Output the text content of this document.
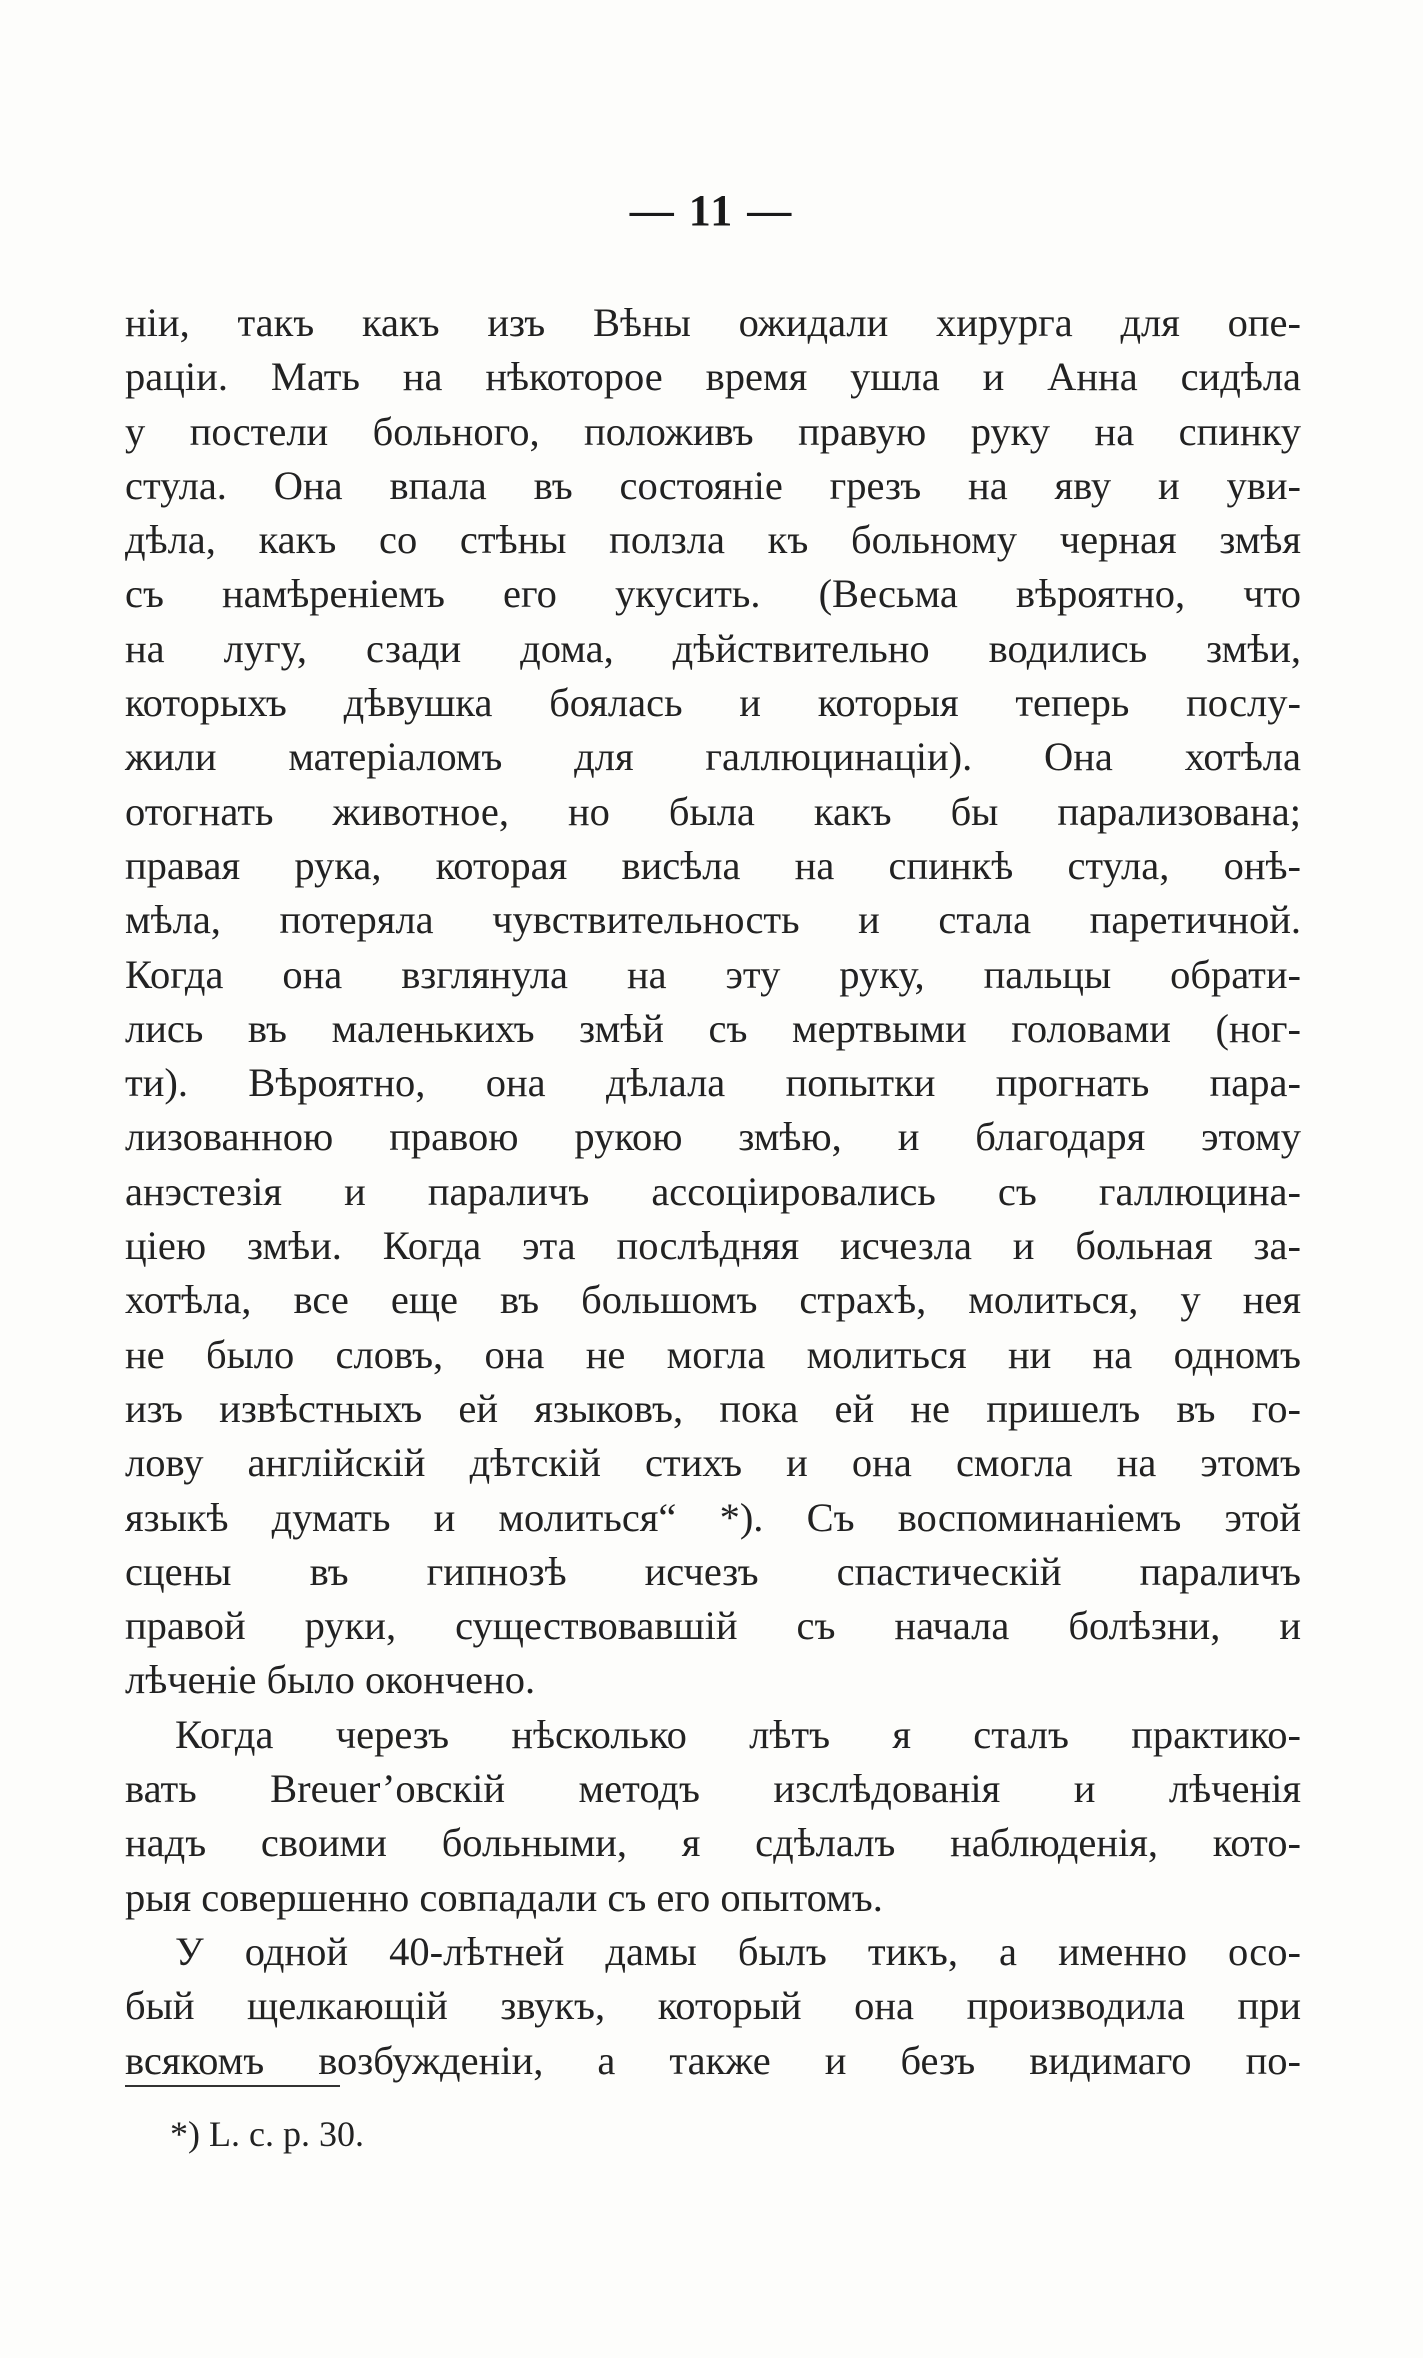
— 11 —
ніи, такъ какъ изъ Вѣны ожидали хирурга для опе-
раціи. Мать на нѣкоторое время ушла и Анна сидѣла
у постели больного, положивъ правую руку на спинку
стула. Она впала въ состояніе грезъ на яву и уви-
дѣла, какъ со стѣны ползла къ больному черная змѣя
съ намѣреніемъ его укусить. (Весьма вѣроятно, что
на лугу, сзади дома, дѣйствительно водились змѣи,
которыхъ дѣвушка боялась и которыя теперь послу-
жили матеріаломъ для галлюцинаціи). Она хотѣла
отогнать животное, но была какъ бы парализована;
правая рука, которая висѣла на спинкѣ стула, онѣ-
мѣла, потеряла чувствительность и стала паретичной.
Когда она взглянула на эту руку, пальцы обрати-
лись въ маленькихъ змѣй съ мертвыми головами (ног-
ти). Вѣроятно, она дѣлала попытки прогнать пара-
лизованною правою рукою змѣю, и благодаря этому
анэстезія и параличъ ассоціировались съ галлюцина-
ціею змѣи. Когда эта послѣдняя исчезла и больная за-
хотѣла, все еще въ большомъ страхѣ, молиться, у нея
не было словъ, она не могла молиться ни на одномъ
изъ извѣстныхъ ей языковъ, пока ей не пришелъ въ го-
лову англійскій дѣтскій стихъ и она смогла на этомъ
языкѣ думать и молиться“ *). Съ воспоминаніемъ этой
сцены въ гипнозѣ исчезъ спастическій параличъ
правой руки, существовавшій съ начала болѣзни, и
лѣченіе было окончено.
Когда черезъ нѣсколько лѣтъ я сталъ практико-
вать Breuer’овскій методъ изслѣдованія и лѣченія
надъ своими больными, я сдѣлалъ наблюденія, кото-
рыя совершенно совпадали съ его опытомъ.
У одной 40-лѣтней дамы былъ тикъ, а именно осо-
бый щелкающій звукъ, который она производила при
всякомъ возбужденіи, а также и безъ видимаго по-
*) L. c. p. 30.
